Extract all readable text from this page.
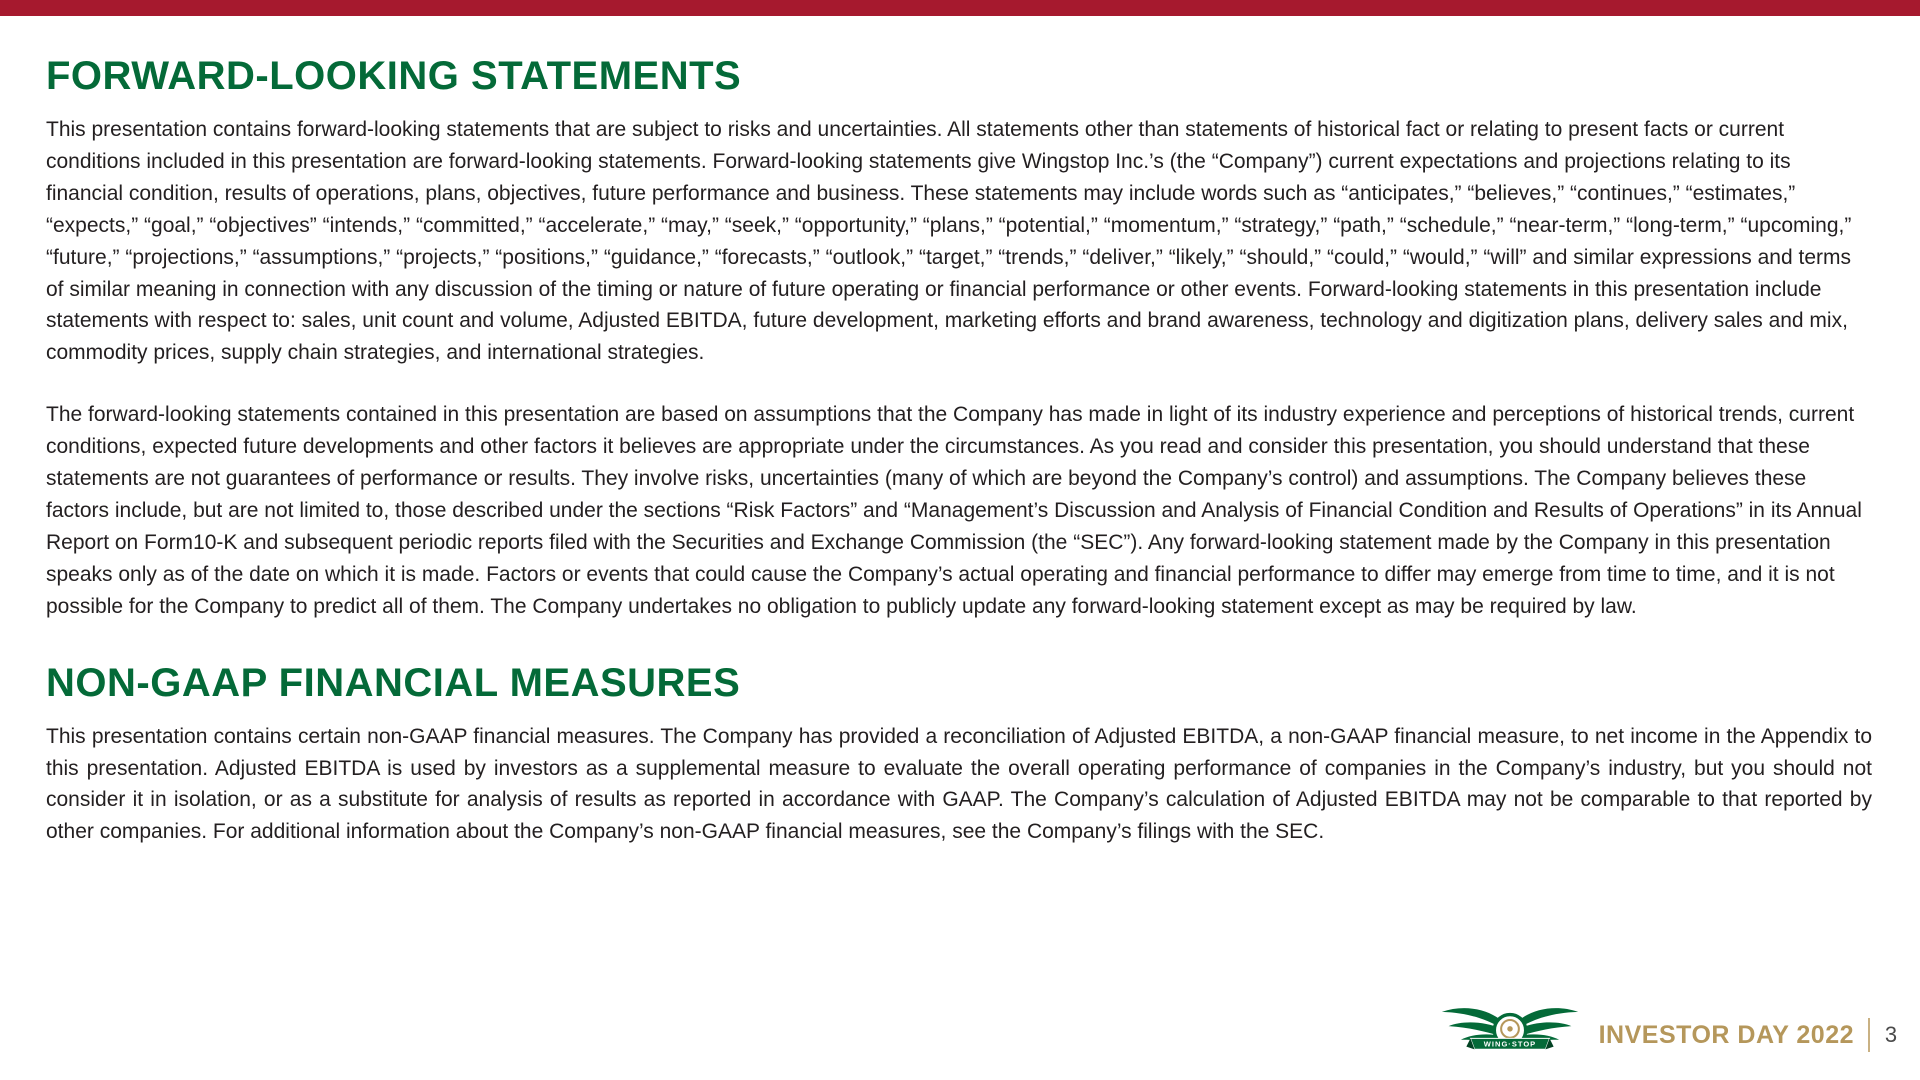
FORWARD-LOOKING STATEMENTS

This presentation contains forward-looking statements that are subject to risks and uncertainties. All statements other than statements of historical fact or relating to present facts or current conditions included in this presentation are forward-looking statements. Forward-looking statements give Wingstop Inc.’s (the “Company”) current expectations and projections relating to its financial condition, results of operations, plans, objectives, future performance and business. These statements may include words such as “anticipates,” “believes,” “continues,” “estimates,” “expects,” “goal,” “objectives” “intends,” “committed,” “accelerate,” “may,” “seek,” “opportunity,” “plans,” “potential,” “momentum,” “strategy,” “path,” “schedule,” “near-term,” “long-term,” “upcoming,” “future,” “projections,” “assumptions,” “projects,” “positions,” “guidance,” “forecasts,” “outlook,” “target,” “trends,” “deliver,” “likely,” “should,” “could,” “would,” “will” and similar expressions and terms of similar meaning in connection with any discussion of the timing or nature of future operating or financial performance or other events. Forward-looking statements in this presentation include statements with respect to: sales, unit count and volume, Adjusted EBITDA, future development, marketing efforts and brand awareness, technology and digitization plans, delivery sales and mix, commodity prices, supply chain strategies, and international strategies.

The forward-looking statements contained in this presentation are based on assumptions that the Company has made in light of its industry experience and perceptions of historical trends, current conditions, expected future developments and other factors it believes are appropriate under the circumstances. As you read and consider this presentation, you should understand that these statements are not guarantees of performance or results. They involve risks, uncertainties (many of which are beyond the Company’s control) and assumptions. The Company believes these factors include, but are not limited to, those described under the sections “Risk Factors” and “Management’s Discussion and Analysis of Financial Condition and Results of Operations” in its Annual Report on Form10-K and subsequent periodic reports filed with the Securities and Exchange Commission (the “SEC”). Any forward-looking statement made by the Company in this presentation speaks only as of the date on which it is made. Factors or events that could cause the Company’s actual operating and financial performance to differ may emerge from time to time, and it is not possible for the Company to predict all of them. The Company undertakes no obligation to publicly update any forward-looking statement except as may be required by law.

NON-GAAP FINANCIAL MEASURES

This presentation contains certain non-GAAP financial measures. The Company has provided a reconciliation of Adjusted EBITDA, a non-GAAP financial measure, to net income in the Appendix to this presentation. Adjusted EBITDA is used by investors as a supplemental measure to evaluate the overall operating performance of companies in the Company’s industry, but you should not consider it in isolation, or as a substitute for analysis of results as reported in accordance with GAAP. The Company’s calculation of Adjusted EBITDA may not be comparable to that reported by other companies. For additional information about the Company’s non-GAAP financial measures, see the Company’s filings with the SEC.

WING·STOP	INVESTOR DAY 2022 3
